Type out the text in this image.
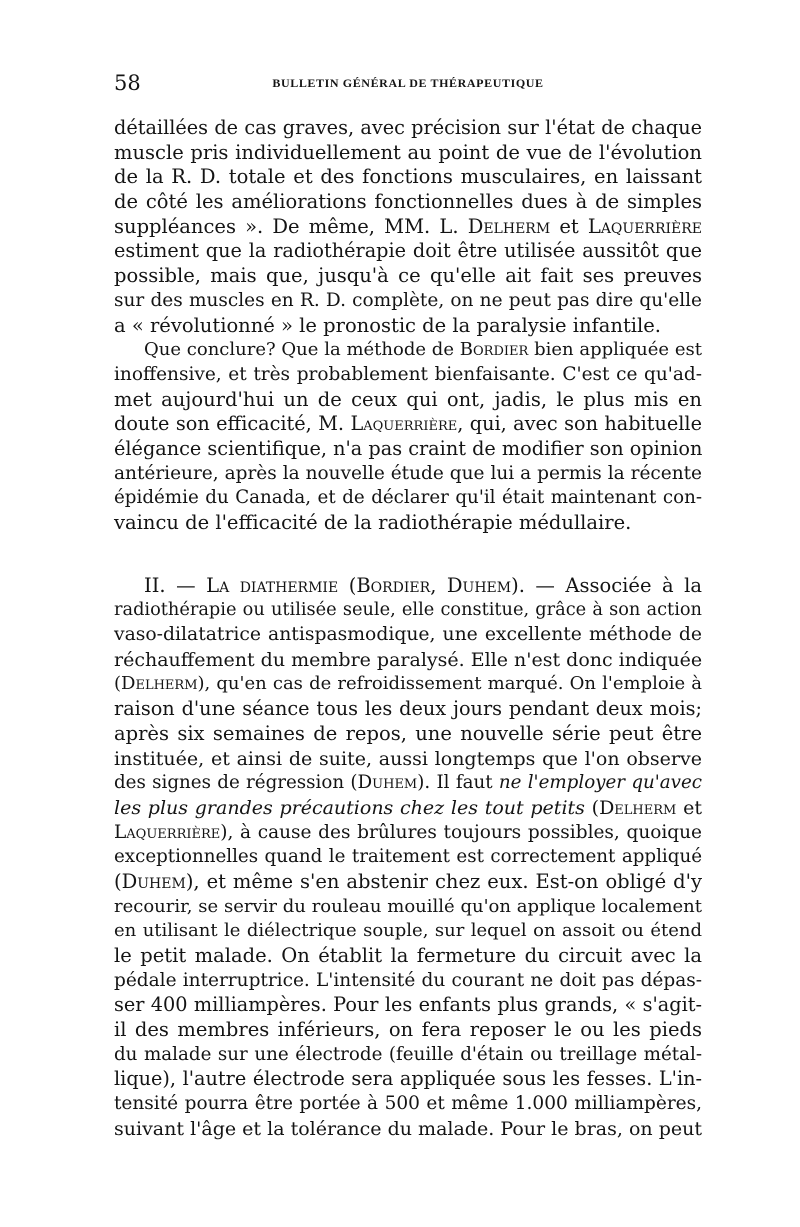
58	BULLETIN GÉNÉRAL DE THÉRAPEUTIQUE
détaillées de cas graves, avec précision sur l'état de chaque
muscle pris individuellement au point de vue de l'évolution
de la R. D. totale et des fonctions musculaires, en laissant
de côté les améliorations fonctionnelles dues à de simples
suppléances ». De même, MM. L. Delherm et Laquerrière
estiment que la radiothérapie doit être utilisée aussitôt que
possible, mais que, jusqu'à ce qu'elle ait fait ses preuves
sur des muscles en R. D. complète, on ne peut pas dire qu'elle
a « révolutionné » le pronostic de la paralysie infantile.
Que conclure? Que la méthode de Bordier bien appliquée est
inoffensive, et très probablement bienfaisante. C'est ce qu'ad-
met aujourd'hui un de ceux qui ont, jadis, le plus mis en
doute son efficacité, M. Laquerrière, qui, avec son habituelle
élégance scientifique, n'a pas craint de modifier son opinion
antérieure, après la nouvelle étude que lui a permis la récente
épidémie du Canada, et de déclarer qu'il était maintenant con-
vaincu de l'efficacité de la radiothérapie médullaire.
II. — La diathermie (Bordier, Duhem). — Associée à la
radiothérapie ou utilisée seule, elle constitue, grâce à son action
vaso-dilatatrice antispasmodique, une excellente méthode de
réchauffement du membre paralysé. Elle n'est donc indiquée
(Delherm), qu'en cas de refroidissement marqué. On l'emploie à
raison d'une séance tous les deux jours pendant deux mois;
après six semaines de repos, une nouvelle série peut être
instituée, et ainsi de suite, aussi longtemps que l'on observe
des signes de régression (Duhem). Il faut ne l'employer qu'avec
les plus grandes précautions chez les tout petits (Delherm et
Laquerrière), à cause des brûlures toujours possibles, quoique
exceptionnelles quand le traitement est correctement appliqué
(Duhem), et même s'en abstenir chez eux. Est-on obligé d'y
recourir, se servir du rouleau mouillé qu'on applique localement
en utilisant le diélectrique souple, sur lequel on assoit ou étend
le petit malade. On établit la fermeture du circuit avec la
pédale interruptrice. L'intensité du courant ne doit pas dépas-
ser 400 milliampères. Pour les enfants plus grands, « s'agit-
il des membres inférieurs, on fera reposer le ou les pieds
du malade sur une électrode (feuille d'étain ou treillage métal-
lique), l'autre électrode sera appliquée sous les fesses. L'in-
tensité pourra être portée à 500 et même 1.000 milliampères,
suivant l'âge et la tolérance du malade. Pour le bras, on peut
